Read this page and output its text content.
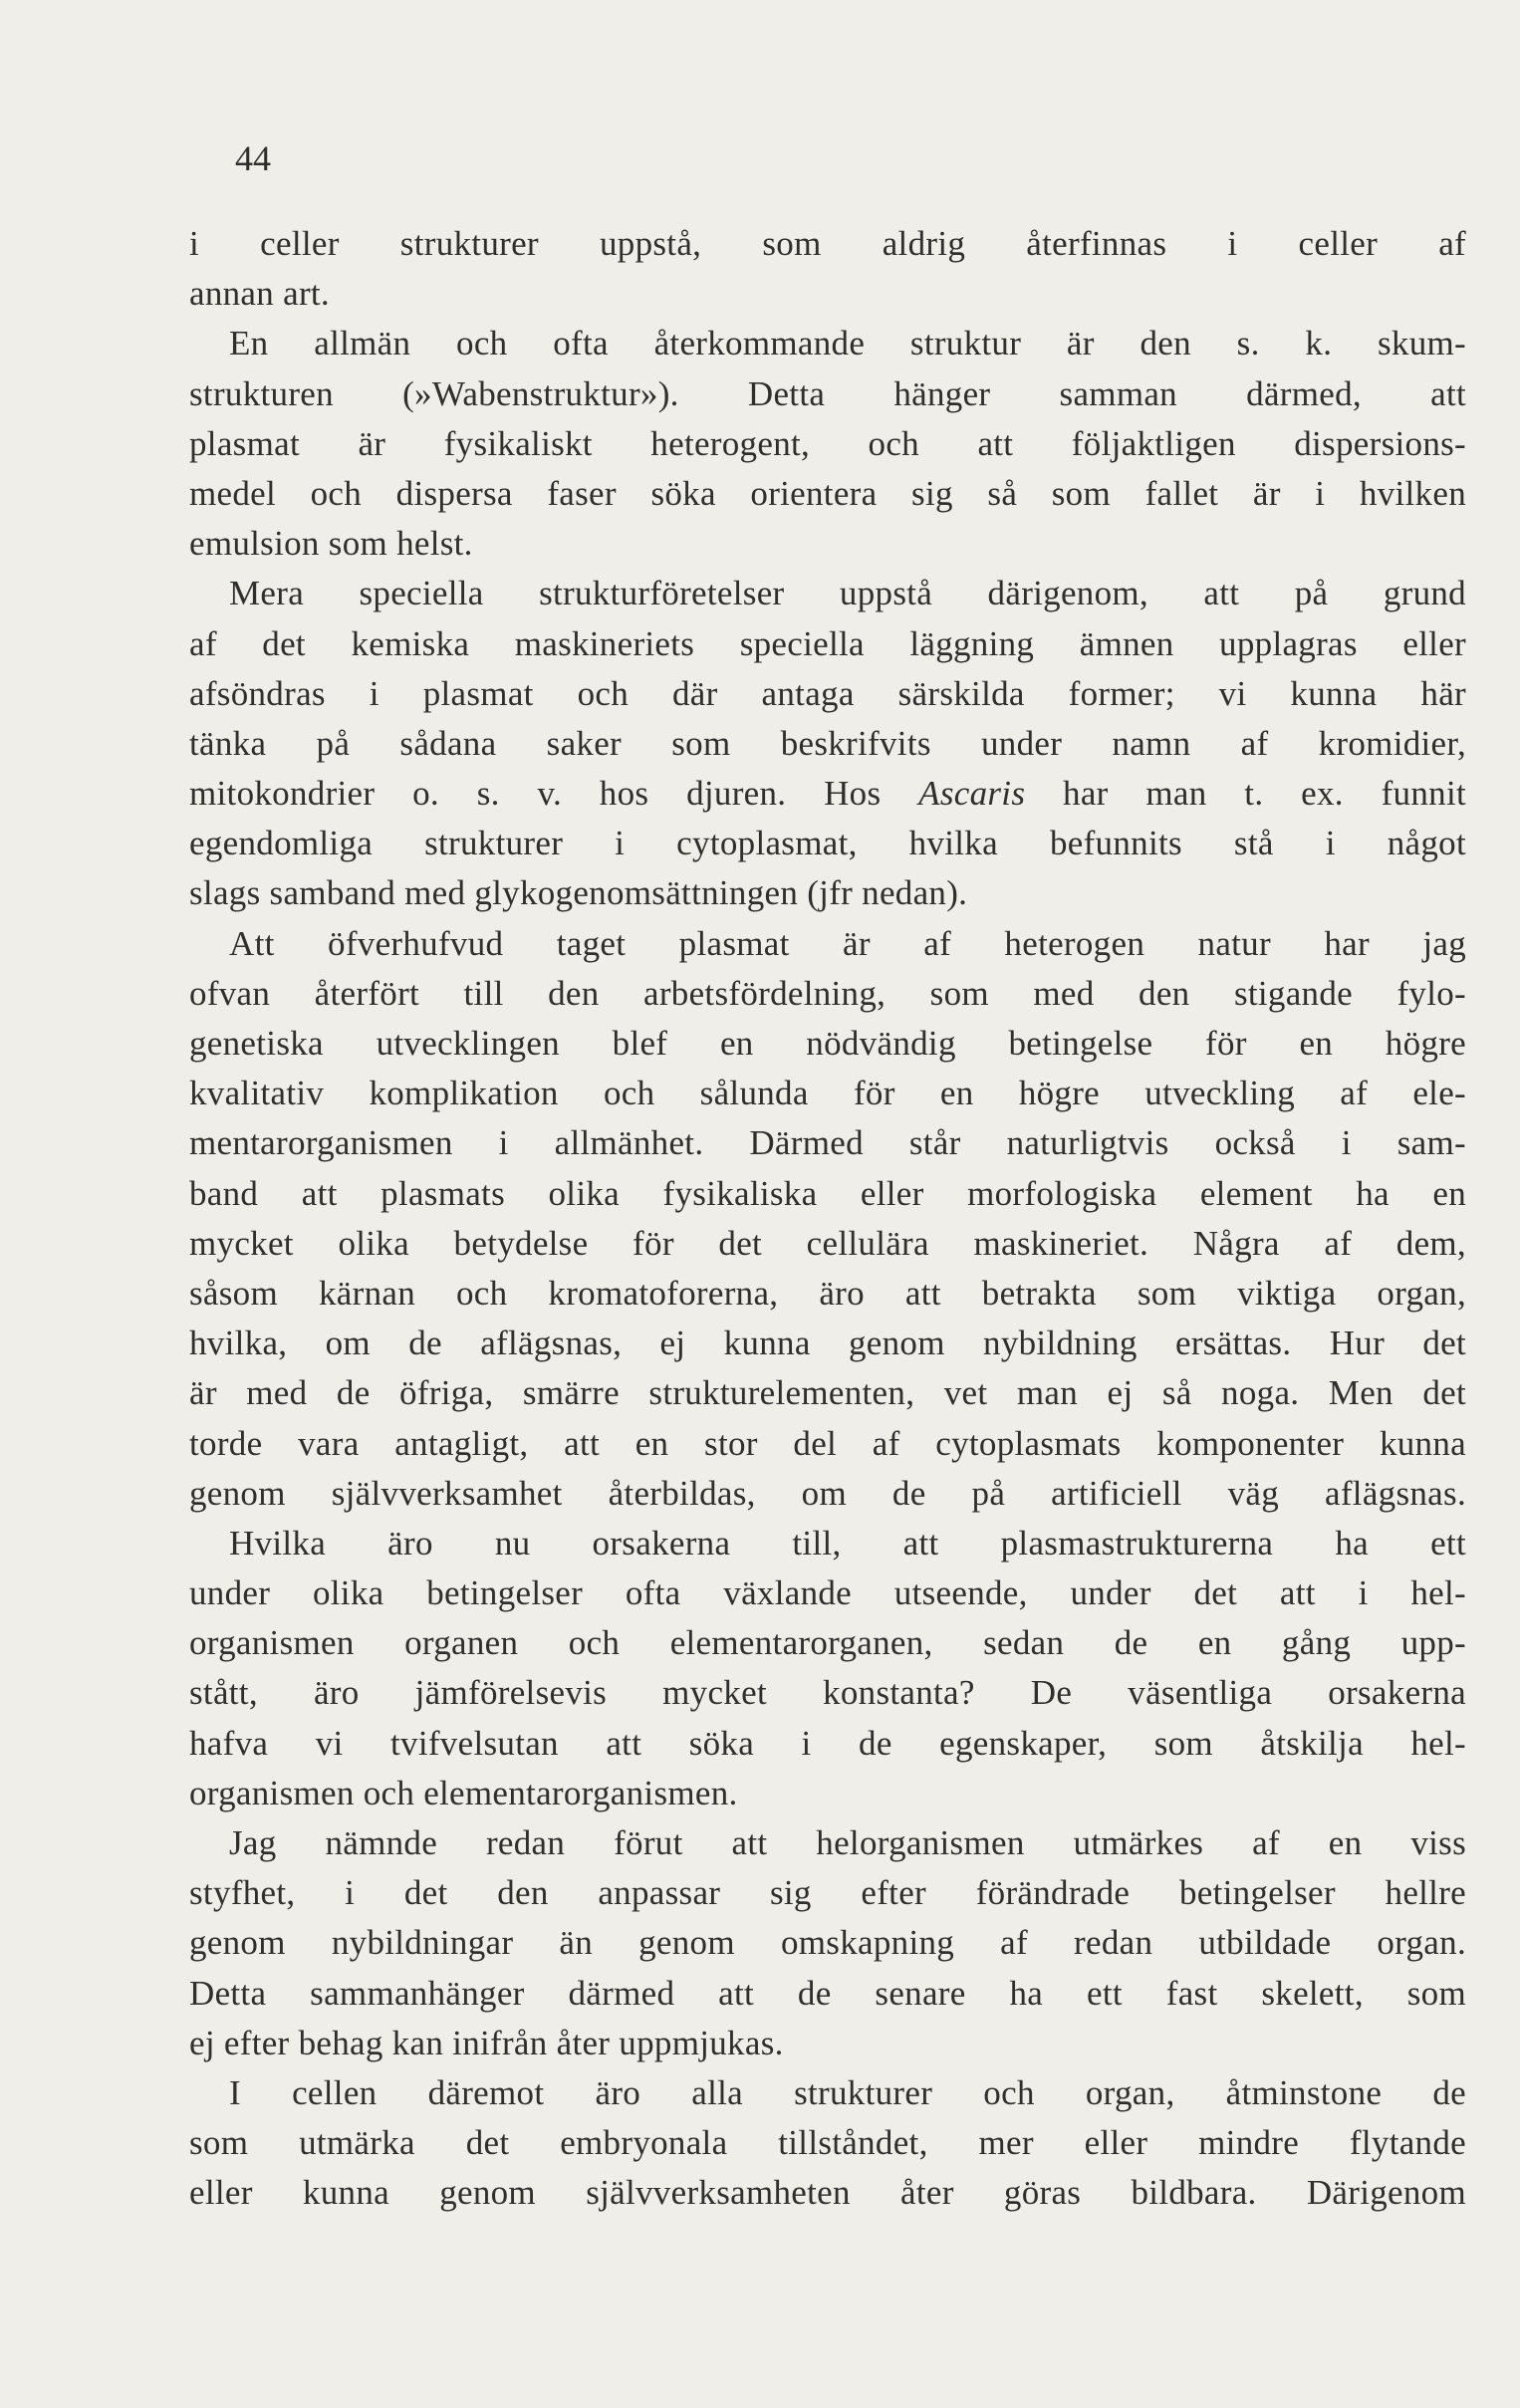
44
i celler strukturer uppstå, som aldrig återfinnas i celler af
annan art.
En allmän och ofta återkommande struktur är den s. k. skum-
strukturen (»Wabenstruktur»). Detta hänger samman därmed, att
plasmat är fysikaliskt heterogent, och att följaktligen dispersions-
medel och dispersa faser söka orientera sig så som fallet är i hvilken
emulsion som helst.
Mera speciella strukturföretelser uppstå därigenom, att på grund
af det kemiska maskineriets speciella läggning ämnen upplagras eller
afsöndras i plasmat och där antaga särskilda former; vi kunna här
tänka på sådana saker som beskrifvits under namn af kromidier,
mitokondrier o. s. v. hos djuren. Hos Ascaris har man t. ex. funnit
egendomliga strukturer i cytoplasmat, hvilka befunnits stå i något
slags samband med glykogenomsättningen (jfr nedan).
Att öfverhufvud taget plasmat är af heterogen natur har jag
ofvan återfört till den arbetsfördelning, som med den stigande fylo-
genetiska utvecklingen blef en nödvändig betingelse för en högre
kvalitativ komplikation och sålunda för en högre utveckling af ele-
mentarorganismen i allmänhet. Därmed står naturligtvis också i sam-
band att plasmats olika fysikaliska eller morfologiska element ha en
mycket olika betydelse för det cellulära maskineriet. Några af dem,
såsom kärnan och kromatoforerna, äro att betrakta som viktiga organ,
hvilka, om de aflägsnas, ej kunna genom nybildning ersättas. Hur det
är med de öfriga, smärre strukturelementen, vet man ej så noga. Men det
torde vara antagligt, att en stor del af cytoplasmats komponenter kunna
genom självverksamhet återbildas, om de på artificiell väg aflägsnas.
Hvilka äro nu orsakerna till, att plasmastrukturerna ha ett
under olika betingelser ofta växlande utseende, under det att i hel-
organismen organen och elementarorganen, sedan de en gång upp-
stått, äro jämförelsevis mycket konstanta? De väsentliga orsakerna
hafva vi tvifvelsutan att söka i de egenskaper, som åtskilja hel-
organismen och elementarorganismen.
Jag nämnde redan förut att helorganismen utmärkes af en viss
styfhet, i det den anpassar sig efter förändrade betingelser hellre
genom nybildningar än genom omskapning af redan utbildade organ.
Detta sammanhänger därmed att de senare ha ett fast skelett, som
ej efter behag kan inifrån åter uppmjukas.
I cellen däremot äro alla strukturer och organ, åtminstone de
som utmärka det embryonala tillståndet, mer eller mindre flytande
eller kunna genom självverksamheten åter göras bildbara. Därigenom
